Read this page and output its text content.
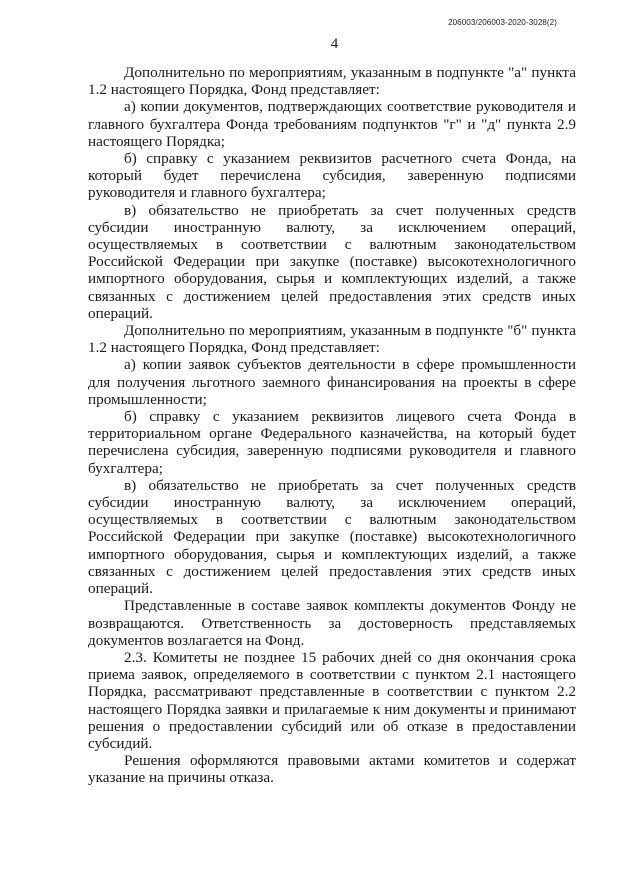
206003/206003-2020-3028(2)
4

Дополнительно по мероприятиям, указанным в подпункте "а" пункта 1.2 настоящего Порядка, Фонд представляет:

а) копии документов, подтверждающих соответствие руководителя и главного бухгалтера Фонда требованиям подпунктов "г" и "д" пункта 2.9 настоящего Порядка;

б) справку с указанием реквизитов расчетного счета Фонда, на который будет перечислена субсидия, заверенную подписями руководителя и главного бухгалтера;

в) обязательство не приобретать за счет полученных средств субсидии иностранную валюту, за исключением операций, осуществляемых в соответствии с валютным законодательством Российской Федерации при закупке (поставке) высокотехнологичного импортного оборудования, сырья и комплектующих изделий, а также связанных с достижением целей предоставления этих средств иных операций.

Дополнительно по мероприятиям, указанным в подпункте "б" пункта 1.2 настоящего Порядка, Фонд представляет:

а) копии заявок субъектов деятельности в сфере промышленности для получения льготного заемного финансирования на проекты в сфере промышленности;

б) справку с указанием реквизитов лицевого счета Фонда в территориальном органе Федерального казначейства, на который будет перечислена субсидия, заверенную подписями руководителя и главного бухгалтера;

в) обязательство не приобретать за счет полученных средств субсидии иностранную валюту, за исключением операций, осуществляемых в соответствии с валютным законодательством Российской Федерации при закупке (поставке) высокотехнологичного импортного оборудования, сырья и комплектующих изделий, а также связанных с достижением целей предоставления этих средств иных операций.

Представленные в составе заявок комплекты документов Фонду не возвращаются. Ответственность за достоверность представляемых документов возлагается на Фонд.

2.3. Комитеты не позднее 15 рабочих дней со дня окончания срока приема заявок, определяемого в соответствии с пунктом 2.1 настоящего Порядка, рассматривают представленные в соответствии с пунктом 2.2 настоящего Порядка заявки и прилагаемые к ним документы и принимают решения о предоставлении субсидий или об отказе в предоставлении субсидий.

Решения оформляются правовыми актами комитетов и содержат указание на причины отказа.
